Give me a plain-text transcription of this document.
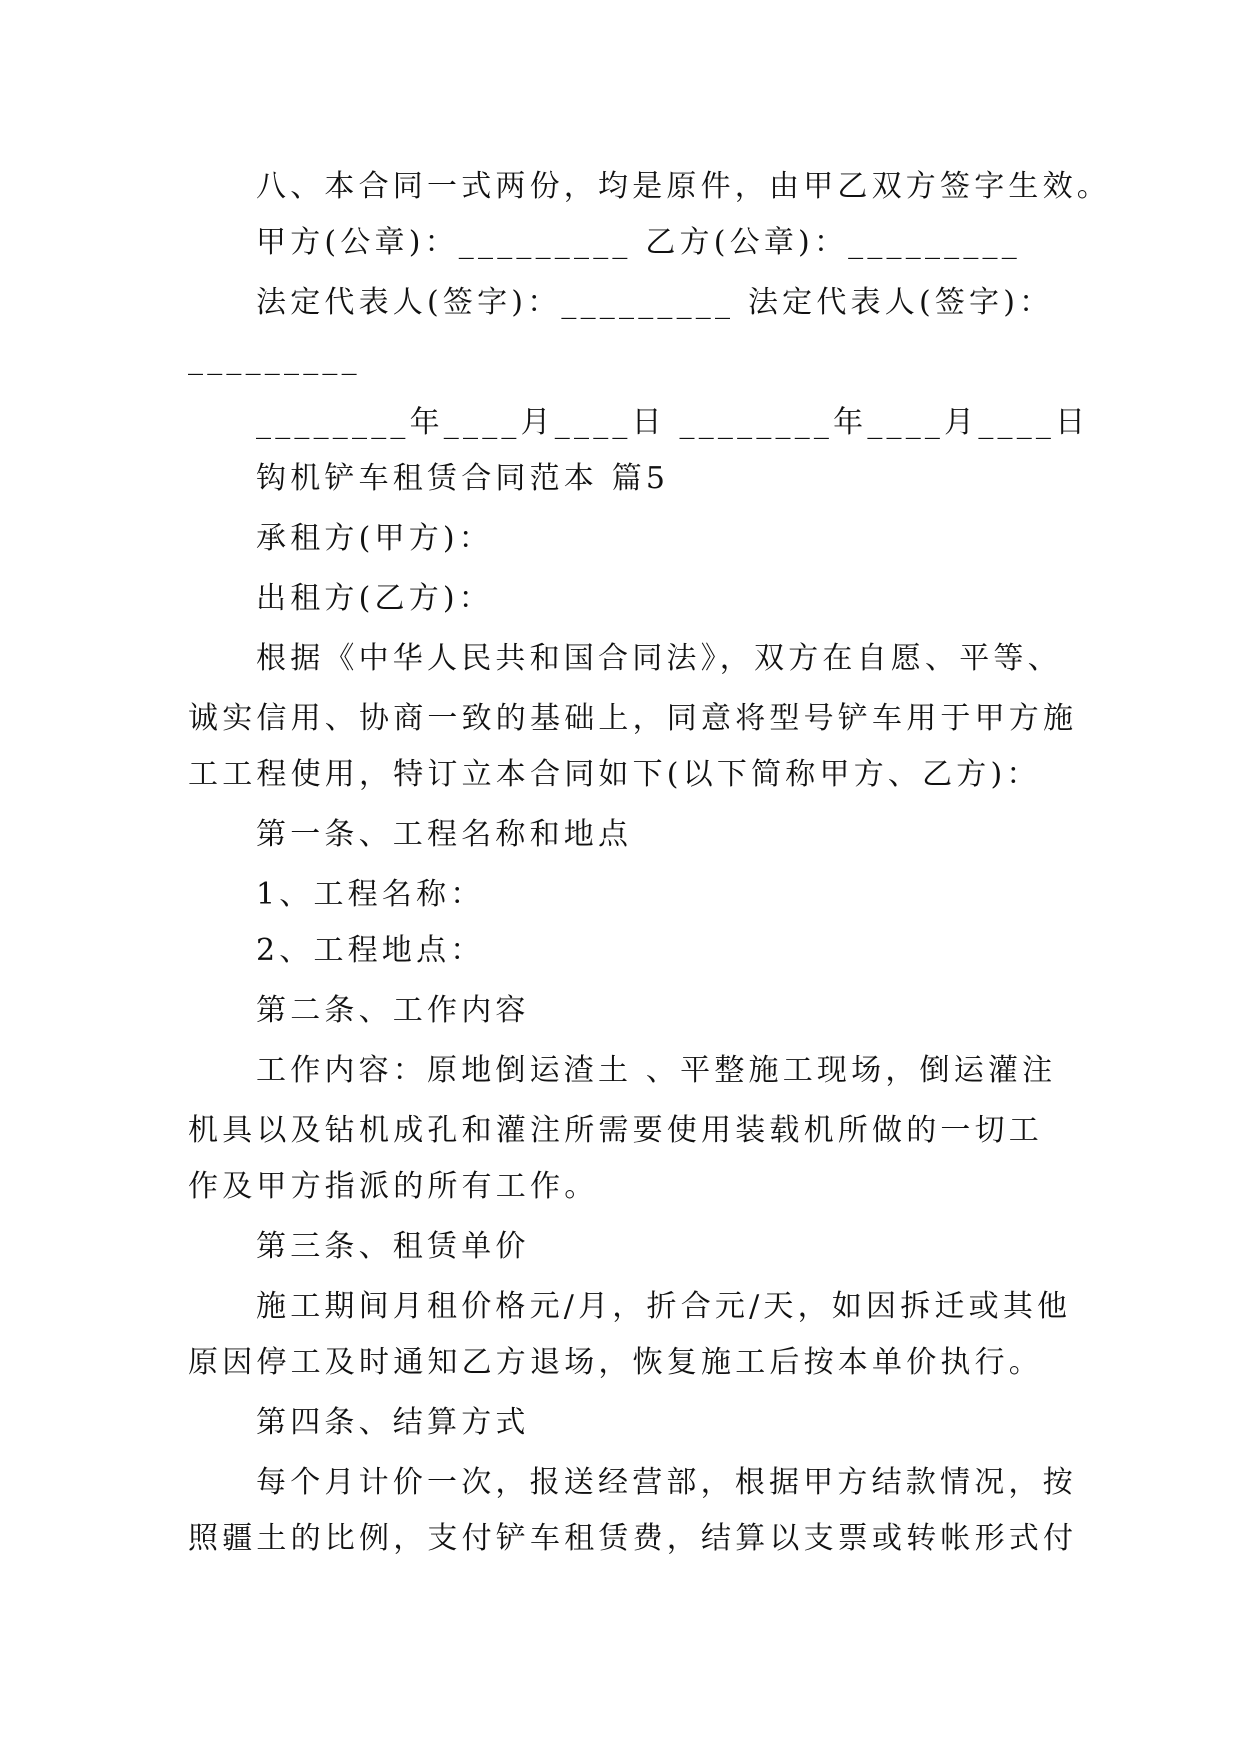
八、本合同一式两份，均是原件，由甲乙双方签字生效。
甲方(公章)：_________ 乙方(公章)：_________
法定代表人(签字)：_________ 法定代表人(签字)：
_________
________年____月____日 ________年____月____日
钩机铲车租赁合同范本 篇5
承租方(甲方)：
出租方(乙方)：
根据《中华人民共和国合同法》，双方在自愿、平等、
诚实信用、协商一致的基础上，同意将型号铲车用于甲方施
工工程使用，特订立本合同如下(以下简称甲方、乙方)：
第一条、工程名称和地点
1、工程名称：
2、工程地点：
第二条、工作内容
工作内容：原地倒运渣土 、平整施工现场，倒运灌注
机具以及钻机成孔和灌注所需要使用装载机所做的一切工
作及甲方指派的所有工作。
第三条、租赁单价
施工期间月租价格元/月，折合元/天，如因拆迁或其他
原因停工及时通知乙方退场，恢复施工后按本单价执行。
第四条、结算方式
每个月计价一次，报送经营部，根据甲方结款情况，按
照疆土的比例，支付铲车租赁费，结算以支票或转帐形式付
